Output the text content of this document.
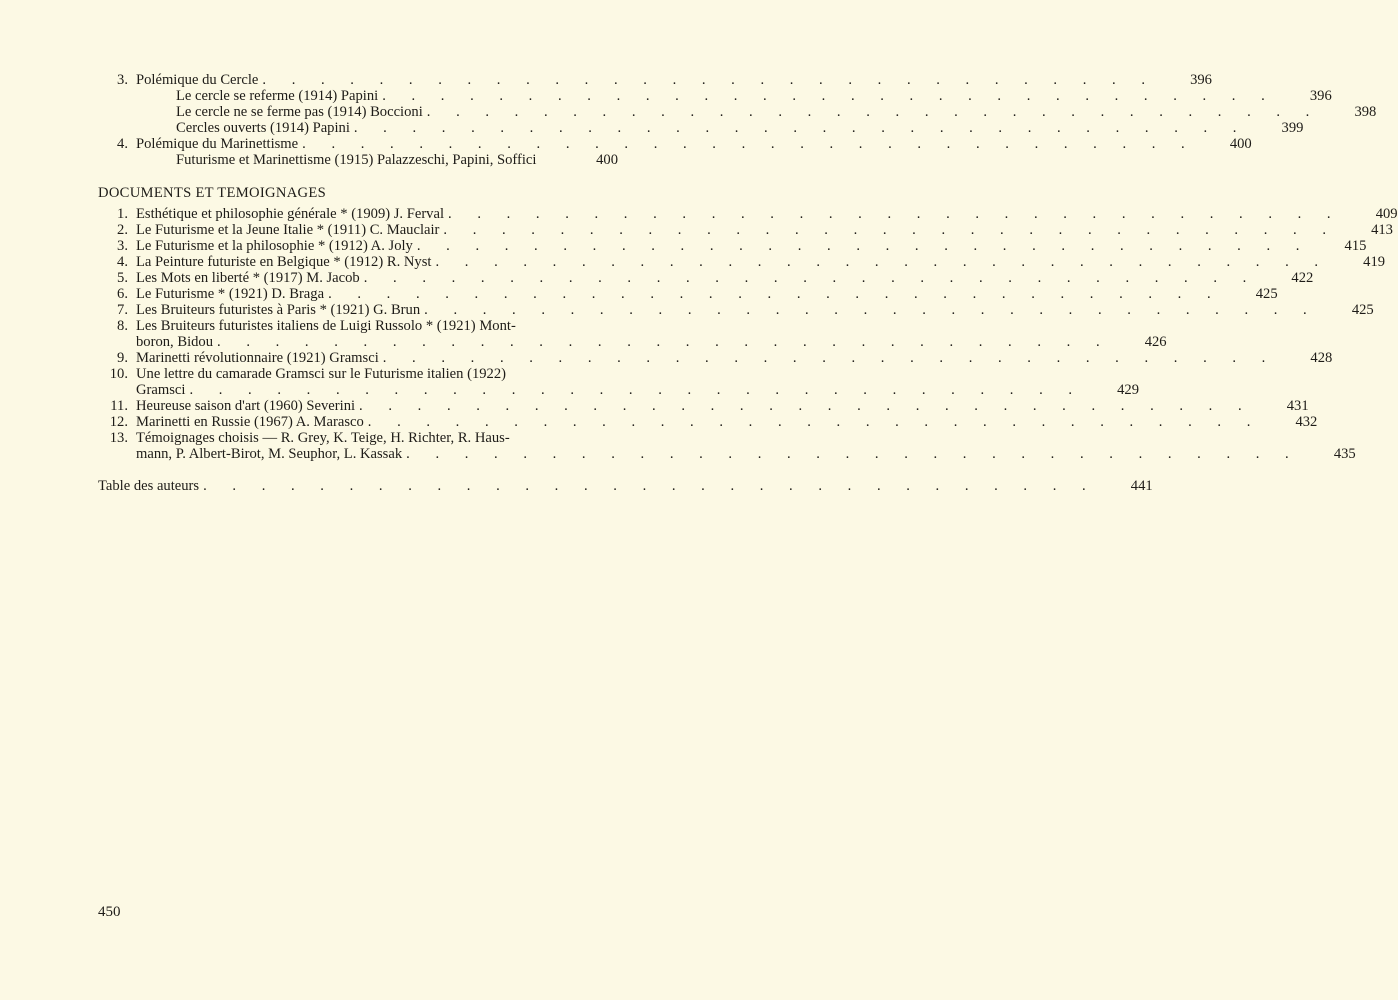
3. Polémique du Cercle . . . . . . . . . . . . . . . . . . . . . . . . . . . . . . . 396
Le cercle se referme (1914) Papini . . . . . . . . . . . . . . . . . . . . . . . . . . . . . . . 396
Le cercle ne se ferme pas (1914) Boccioni . . . . . . . . . . . . . . . . . . . . . . . . . . . . . . . 398
Cercles ouverts (1914) Papini . . . . . . . . . . . . . . . . . . . . . . . . . . . . . . . 399
4. Polémique du Marinettisme . . . . . . . . . . . . . . . . . . . . . . . . . . . . . . . 400
Futurisme et Marinettisme (1915) Palazzeschi, Papini, Soffici	400
DOCUMENTS ET TEMOIGNAGES
1. Esthétique et philosophie générale * (1909) J. Ferval . . . . . . . . . . . . . . . . . . . . . . . . . . . . . . . 409
2. Le Futurisme et la Jeune Italie * (1911) C. Mauclair . . . . . . . . . . . . . . . . . . . . . . . . . . . . . . . 413
3. Le Futurisme et la philosophie * (1912) A. Joly . . . . . . . . . . . . . . . . . . . . . . . . . . . . . . . 415
4. La Peinture futuriste en Belgique * (1912) R. Nyst . . . . . . . . . . . . . . . . . . . . . . . . . . . . . . . 419
5. Les Mots en liberté * (1917) M. Jacob . . . . . . . . . . . . . . . . . . . . . . . . . . . . . . . 422
6. Le Futurisme * (1921) D. Braga . . . . . . . . . . . . . . . . . . . . . . . . . . . . . . . 425
7. Les Bruiteurs futuristes à Paris * (1921) G. Brun . . . . . . . . . . . . . . . . . . . . . . . . . . . . . . . 425
8. Les Bruiteurs futuristes italiens de Luigi Russolo * (1921) Mont-
boron, Bidou . . . . . . . . . . . . . . . . . . . . . . . . . . . . . . . 426
9. Marinetti révolutionnaire (1921) Gramsci . . . . . . . . . . . . . . . . . . . . . . . . . . . . . . . 428
10. Une lettre du camarade Gramsci sur le Futurisme italien (1922)
Gramsci . . . . . . . . . . . . . . . . . . . . . . . . . . . . . . . 429
11. Heureuse saison d'art (1960) Severini . . . . . . . . . . . . . . . . . . . . . . . . . . . . . . . 431
12. Marinetti en Russie (1967) A. Marasco . . . . . . . . . . . . . . . . . . . . . . . . . . . . . . . 432
13. Témoignages choisis — R. Grey, K. Teige, H. Richter, R. Haus-
mann, P. Albert-Birot, M. Seuphor, L. Kassak . . . . . . . . . . . . . . . . . . . . . . . . . . . . . . . 435
Table des auteurs . . . . . . . . . . . . . . . . . . . . . . . . . . . . . . . 441
450
